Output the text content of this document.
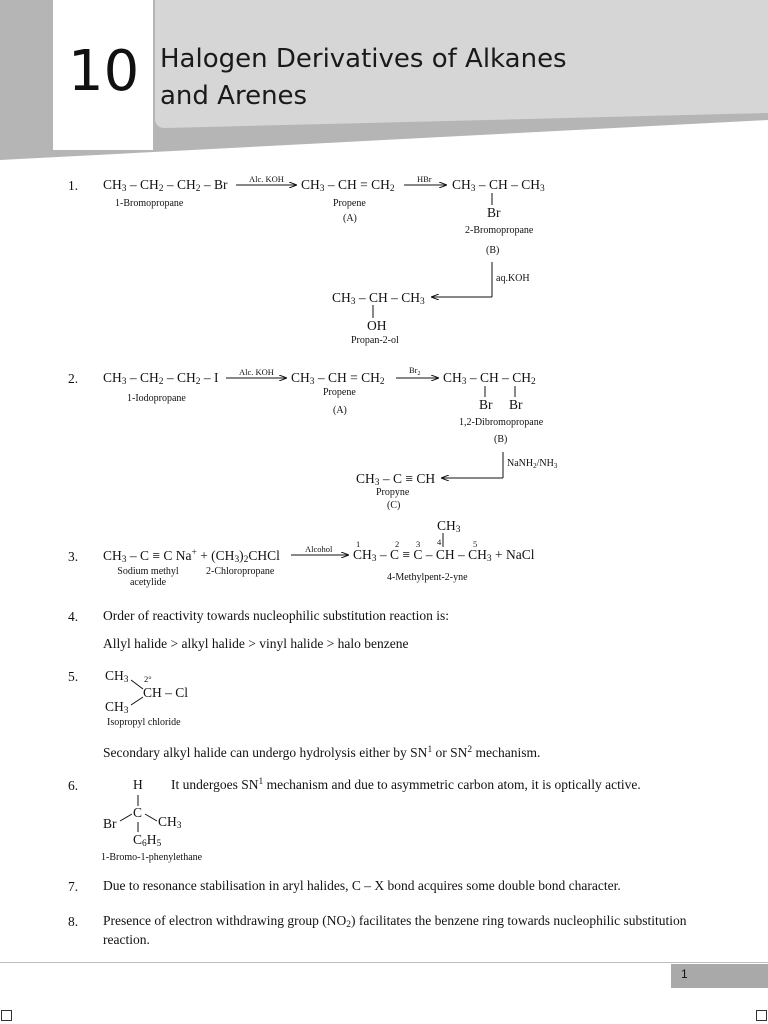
10 Halogen Derivatives of Alkanes
and Arenes
1. $CH_3 - CH_2 - CH_2$ – Br
1-Bromopropane
Alc. KOH $CH_3$ – CH = $CH_2$
Propene
(A)
HBr $CH_3$ – CH – $CH_3$
Br
2-Bromopropane
(B)
aq.KOH
$CH_3$ – CH – $CH_3$
OH
Propan-2-ol
2. $CH_3 - CH_2 - CH_2$ – I
1-Iodopropane
Alc. KOH $CH_3$ – CH = $CH_2$
Propene
(A)
$Br_2$ $CH_3$ – CH – $CH_2$
Br Br
1,2-Dibromopropane
(B)
$NaNH_2/NH_3$
$CH_3$ – C ≡ CH
Propyne
(C)
3. $CH_3 - C \equiv C$ $Na^+ + (CH_3)_2CHCl$
Sodium methyl
acetylide
2-Chloropropane
Alcohol
$CH_3$
1	2 3 4	5
$CH_3 - C \equiv C$ – CH – $CH_3$ + NaCl
4-Methylpent-2-yne
4. Order of reactivity towards nucleophilic substitution reaction is:
Allyl halide > alkyl halide > vinyl halide > halo benzene
5. $CH_3$ 2°
CH – Cl
$CH_3$
Isopropyl chloride
Secondary alkyl halide can undergo hydrolysis either by $SN^1$ or $SN^2$ mechanism.
6.	H It undergoes $SN^1$ mechanism and due to asymmetric carbon atom, it is optically active.
C
Br	$CH_3$
$C_6H_5$
1-Bromo-1-phenylethane
7. Due to resonance stabilisation in aryl halides, C – X bond acquires some double bond character.
8. Presence of electron withdrawing group $(NO_2)$ facilitates the benzene ring towards nucleophilic substitution
reaction.
1
